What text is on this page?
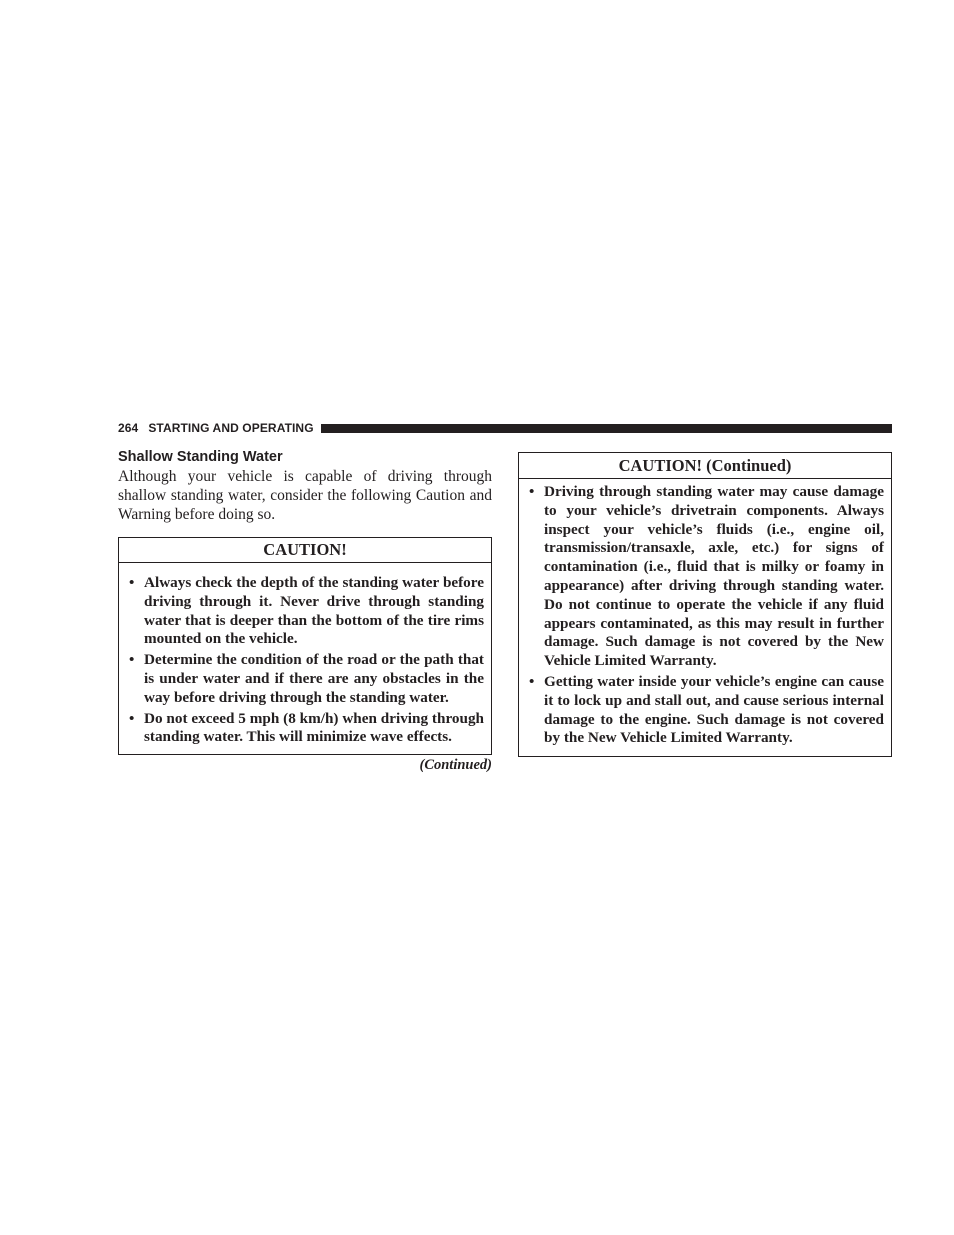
264 STARTING AND OPERATING
Shallow Standing Water

Although your vehicle is capable of driving through shallow standing water, consider the following Caution and Warning before doing so.

CAUTION!
• Always check the depth of the standing water before driving through it. Never drive through standing water that is deeper than the bottom of the tire rims mounted on the vehicle.
• Determine the condition of the road or the path that is under water and if there are any obstacles in the way before driving through the standing water.
• Do not exceed 5 mph (8 km/h) when driving through standing water. This will minimize wave effects.
(Continued)
CAUTION! (Continued)
• Driving through standing water may cause damage to your vehicle’s drivetrain components. Always inspect your vehicle’s fluids (i.e., engine oil, transmission/transaxle, axle, etc.) for signs of contamination (i.e., fluid that is milky or foamy in appearance) after driving through standing water. Do not continue to operate the vehicle if any fluid appears contaminated, as this may result in further damage. Such damage is not covered by the New Vehicle Limited Warranty.
• Getting water inside your vehicle’s engine can cause it to lock up and stall out, and cause serious internal damage to the engine. Such damage is not covered by the New Vehicle Limited Warranty.
